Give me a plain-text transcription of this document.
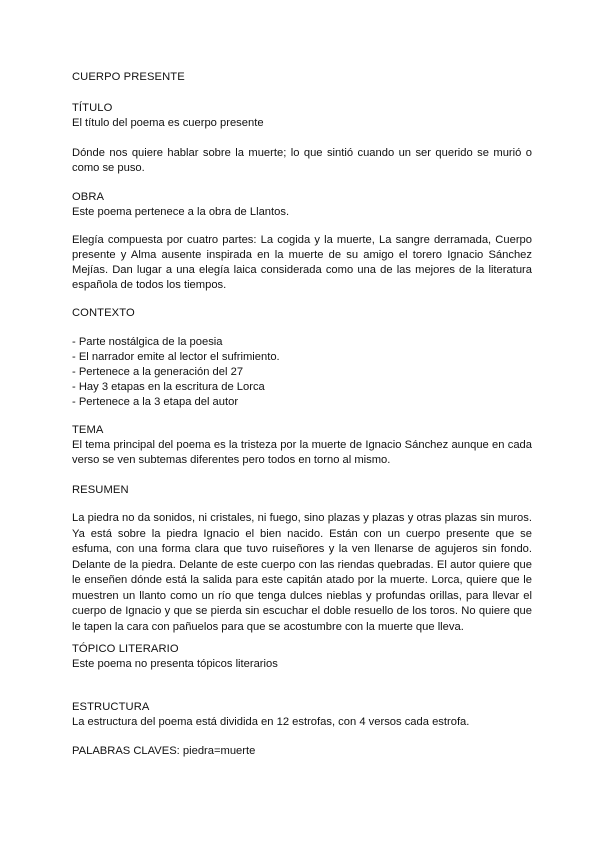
CUERPO PRESENTE

TÍTULO

El título del poema es cuerpo presente

Dónde nos quiere hablar sobre la muerte; lo que sintió cuando un ser querido se murió o como se puso.

OBRA

Este poema pertenece a la obra de Llantos.

Elegía compuesta por cuatro partes: La cogida y la muerte, La sangre derramada, Cuerpo presente y Alma ausente inspirada en la muerte de su amigo el torero Ignacio Sánchez Mejías. Dan lugar a una elegía laica considerada como una de las mejores de la literatura española de todos los tiempos.

CONTEXTO

- Parte nostálgica de la poesia

- El narrador emite al lector el sufrimiento.

- Pertenece a la generación del 27

- Hay 3 etapas en la escritura de Lorca

- Pertenece a la 3 etapa del autor

TEMA

El tema principal del poema es la tristeza por la muerte de Ignacio Sánchez aunque en cada verso se ven subtemas diferentes pero todos en torno al mismo.

RESUMEN

La piedra no da sonidos, ni cristales, ni fuego, sino plazas y plazas y otras plazas sin muros. Ya está sobre la piedra Ignacio el bien nacido. Están con un cuerpo presente que se esfuma, con una forma clara que tuvo ruiseñores y la ven llenarse de agujeros sin fondo. Delante de la piedra. Delante de este cuerpo con las riendas quebradas. El autor quiere que le enseñen dónde está la salida para este capitán atado por la muerte. Lorca, quiere que le muestren un llanto como un río que tenga dulces nieblas y profundas orillas, para llevar el cuerpo de Ignacio y que se pierda sin escuchar el doble resuello de los toros. No quiere que le tapen la cara con pañuelos para que se acostumbre con la muerte que lleva.

TÓPICO LITERARIO

Este poema no presenta tópicos literarios

ESTRUCTURA

La estructura del poema está dividida en 12 estrofas, con 4 versos cada estrofa.

PALABRAS CLAVES: piedra=muerte
